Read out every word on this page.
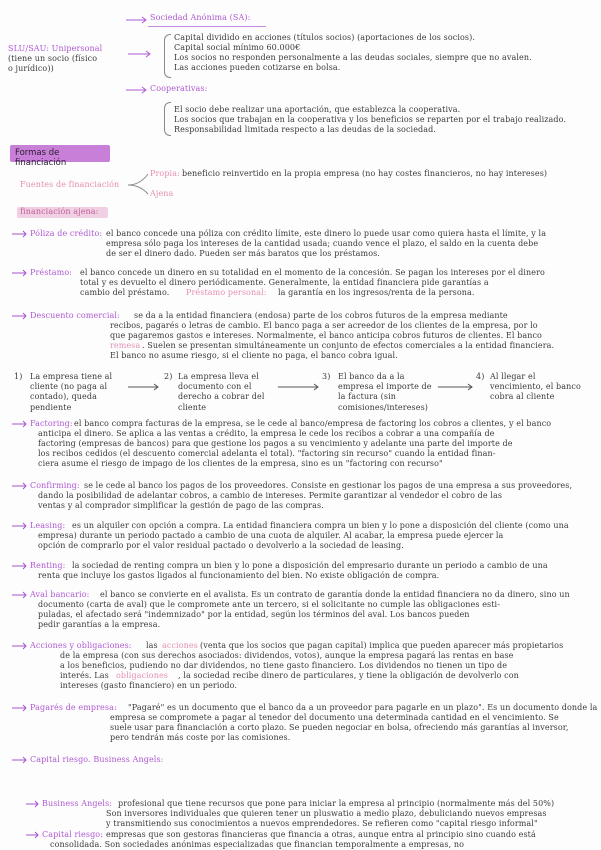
Sociedad Anónima (SA):
SLU/SAU: Unipersonal
(tiene un socio (físico
o jurídico))
Capital dividido en acciones (títulos socios) (aportaciones de los socios).
Capital social mínimo 60.000€
Los socios no responden personalmente a las deudas sociales, siempre que no avalen.
Las acciones pueden cotizarse en bolsa.
Cooperativas:
El socio debe realizar una aportación, que establezca la cooperativa.
Los socios que trabajan en la cooperativa y los beneficios se reparten por el trabajo realizado.
Responsabilidad limitada respecto a las deudas de la sociedad.
Formas de financiación
Fuentes de financiación
Propia: beneficio reinvertido en la propia empresa (no hay costes financieros, no hay intereses)
Ajena
financiación ajena:
Póliza de crédito: el banco concede una póliza con crédito límite, este dinero lo puede usar como quiera hasta el límite, y la
empresa sólo paga los intereses de la cantidad usada; cuando vence el plazo, el saldo en la cuenta debe
de ser el dinero dado. Pueden ser más baratos que los préstamos.
Préstamo: el banco concede un dinero en su totalidad en el momento de la concesión. Se pagan los intereses por el dinero
total y es devuelto el dinero periódicamente. Generalmente, la entidad financiera pide garantías a
cambio del préstamo. Préstamo personal: la garantía en los ingresos/renta de la persona.
Descuento comercial: se da a la entidad financiera (endosa) parte de los cobros futuros de la empresa mediante
recibos, pagarés o letras de cambio. El banco paga a ser acreedor de los clientes de la empresa, por lo
que pagaremos gastos e intereses. Normalmente, el banco anticipa cobros futuros de clientes. El banco
remesa . Suelen se presentan simultáneamente un conjunto de efectos comerciales a la entidad financiera.
El banco no asume riesgo, si el cliente no paga, el banco cobra igual.
1) La empresa tiene al cliente (no paga al contado), queda pendiente
2) La empresa lleva el documento con el derecho a cobrar del cliente
3) El banco da a la empresa el importe de la factura (sin comisiones/intereses)
4) Al llegar el vencimiento, el banco cobra al cliente
Factoring: el banco compra facturas de la empresa, se le cede al banco/empresa de factoring los cobros a clientes, y el banco
anticipa el dinero. Se aplica a las ventas a crédito, la empresa le cede los recibos a cobrar a una compañía de
factoring (empresas de bancos) para que gestione los pagos a su vencimiento y adelante una parte del importe de
los recibos cedidos (el descuento comercial adelanta el total). "factoring sin recurso" cuando la entidad finan-
ciera asume el riesgo de impago de los clientes de la empresa, sino es un "factoring con recurso"
Confirming: se le cede al banco los pagos de los proveedores. Consiste en gestionar los pagos de una empresa a sus proveedores,
dando la posibilidad de adelantar cobros, a cambio de intereses. Permite garantizar al vendedor el cobro de las
ventas y al comprador simplificar la gestión de pago de las compras.
Leasing: es un alquiler con opción a compra. La entidad financiera compra un bien y lo pone a disposición del cliente (como una
empresa) durante un periodo pactado a cambio de una cuota de alquiler. Al acabar, la empresa puede ejercer la
opción de comprarlo por el valor residual pactado o devolverlo a la sociedad de leasing.
Renting: la sociedad de renting compra un bien y lo pone a disposición del empresario durante un periodo a cambio de una
renta que incluye los gastos ligados al funcionamiento del bien. No existe obligación de compra.
Aval bancario: el banco se convierte en el avalista. Es un contrato de garantía donde la entidad financiera no da dinero, sino un
documento (carta de aval) que le compromete ante un tercero, si el solicitante no cumple las obligaciones esti-
puladas, el afectado será "indemnizado" por la entidad, según los términos del aval. Los bancos pueden
pedir garantías a la empresa.
Acciones y obligaciones: las acciones (venta que los socios que pagan capital) implica que pueden aparecer más propietarios
de la empresa (con sus derechos asociados: dividendos, votos), aunque la empresa pagará las rentas en base
a los beneficios, pudiendo no dar dividendos, no tiene gasto financiero. Los dividendos no tienen un tipo de
interés. Las obligaciones , la sociedad recibe dinero de particulares, y tiene la obligación de devolverlo con
intereses (gasto financiero) en un periodo.
Pagarés de empresa: "Pagaré" es un documento que el banco da a un proveedor para pagarle en un plazo". Es un documento donde la
empresa se compromete a pagar al tenedor del documento una determinada cantidad en el vencimiento. Se
suele usar para financiación a corto plazo. Se pueden negociar en bolsa, ofreciendo más garantías al inversor,
pero tendrán más coste por las comisiones.
Capital riesgo. Business Angels:
Business Angels: profesional que tiene recursos que pone para iniciar la empresa al principio (normalmente más del 50%)
Son inversores individuales que quieren tener un pluswatio a medio plazo, debuliciando nuevos empresas
y transmitiendo sus conocimientos a nuevos emprendedores. Se refieren como "capital riesgo informal"
Capital riesgo: empresas que son gestoras financieras que financia a otras, aunque entra al principio sino cuando está
consolidada. Son sociedades anónimas especializadas que financian temporalmente a empresas, no
